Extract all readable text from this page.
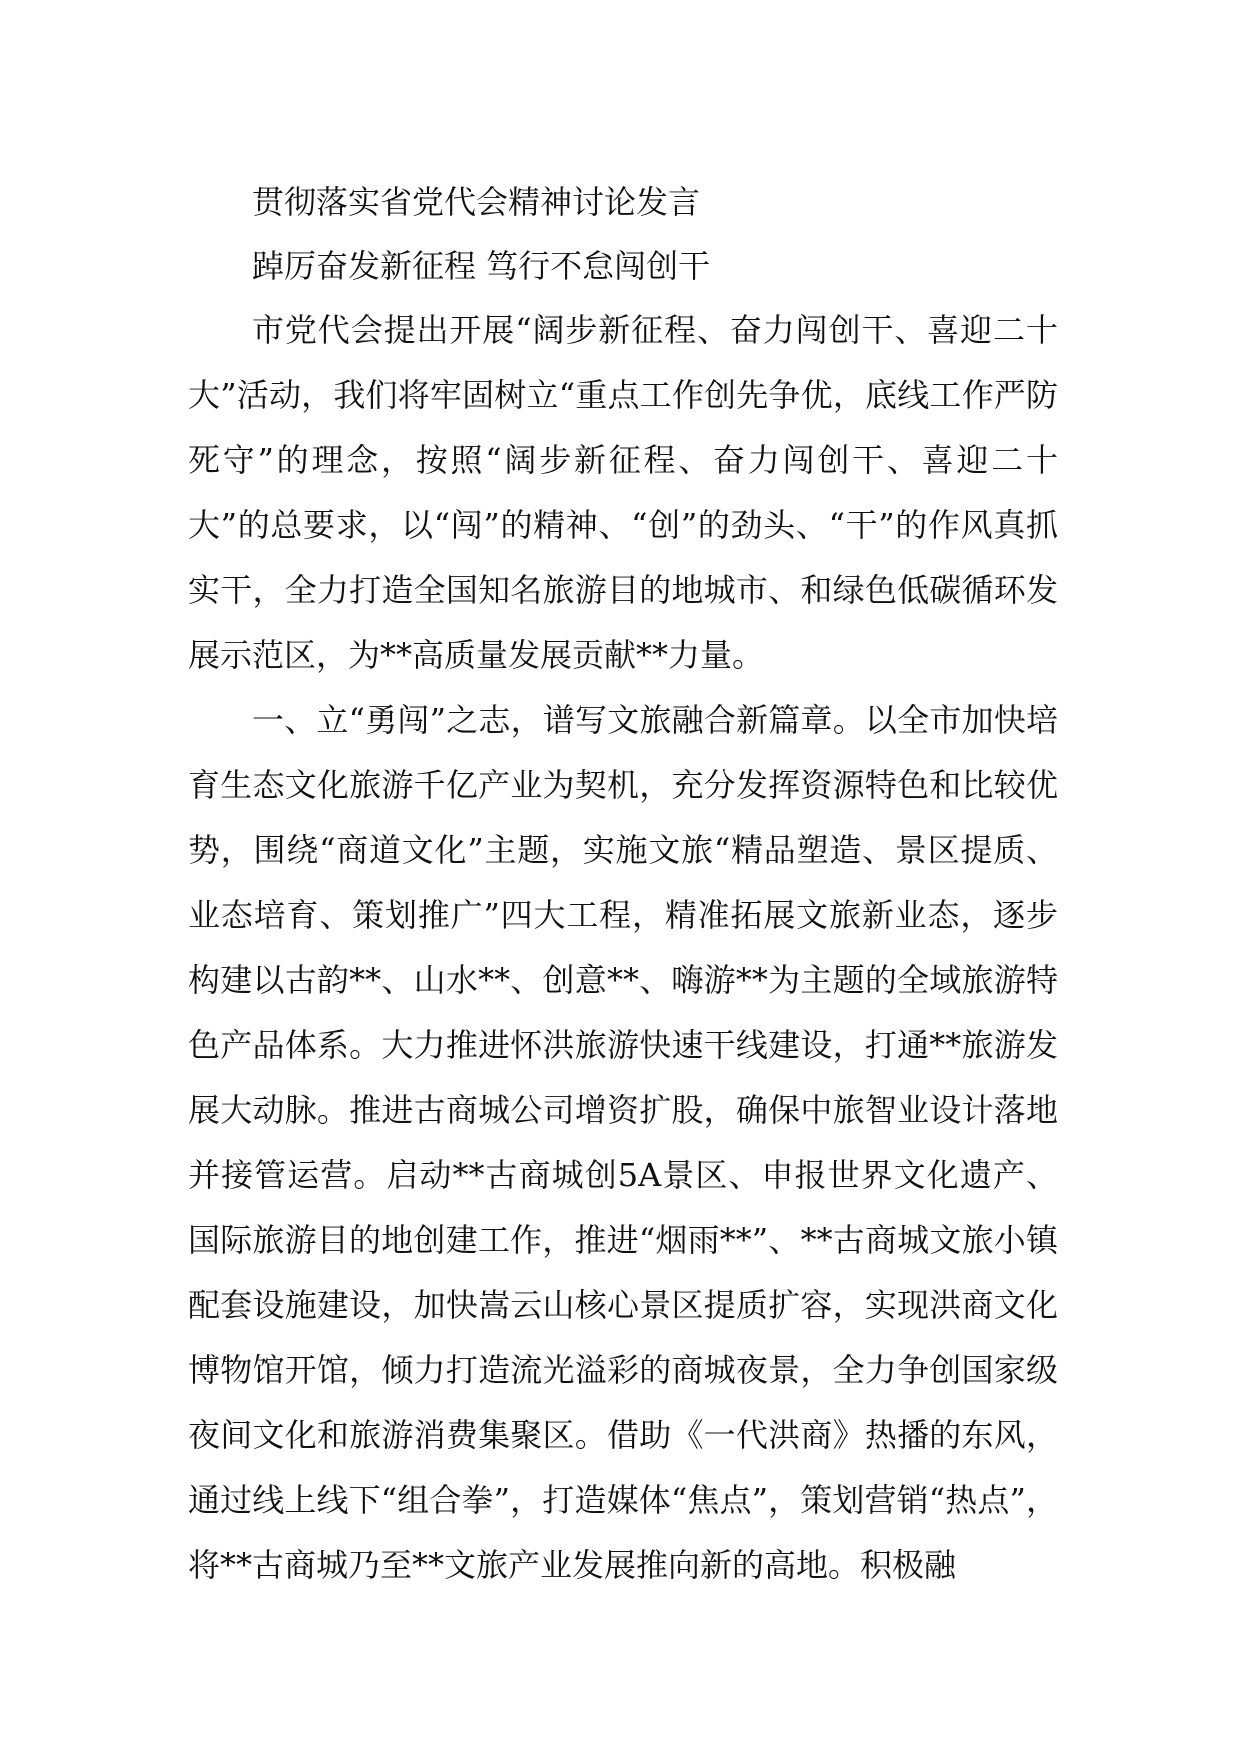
贯彻落实省党代会精神讨论发言

踔厉奋发新征程 笃行不怠闯创干

市党代会提出开展“阔步新征程、奋力闯创干、喜迎二十大”活动，我们将牢固树立“重点工作创先争优，底线工作严防死守”的理念，按照“阔步新征程、奋力闯创干、喜迎二十大”的总要求，以“闯”的精神、“创”的劲头、“干”的作风真抓实干，全力打造全国知名旅游目的地城市、和绿色低碳循环发展示范区，为**高质量发展贡献**力量。

一、立“勇闯”之志，谱写文旅融合新篇章。以全市加快培育生态文化旅游千亿产业为契机，充分发挥资源特色和比较优势，围绕“商道文化”主题，实施文旅“精品塑造、景区提质、业态培育、策划推广”四大工程，精准拓展文旅新业态，逐步构建以古韵**、山水**、创意**、嗨游**为主题的全域旅游特色产品体系。大力推进怀洪旅游快速干线建设，打通**旅游发展大动脉。推进古商城公司增资扩股，确保中旅智业设计落地并接管运营。启动**古商城创5A景区、申报世界文化遗产、国际旅游目的地创建工作，推进“烟雨**”、**古商城文旅小镇配套设施建设，加快嵩云山核心景区提质扩容，实现洪商文化博物馆开馆，倾力打造流光溢彩的商城夜景，全力争创国家级夜间文化和旅游消费集聚区。借助《一代洪商》热播的东风，通过线上线下“组合拳”，打造媒体“焦点”，策划营销“热点”，将**古商城乃至**文旅产业发展推向新的高地。积极融
